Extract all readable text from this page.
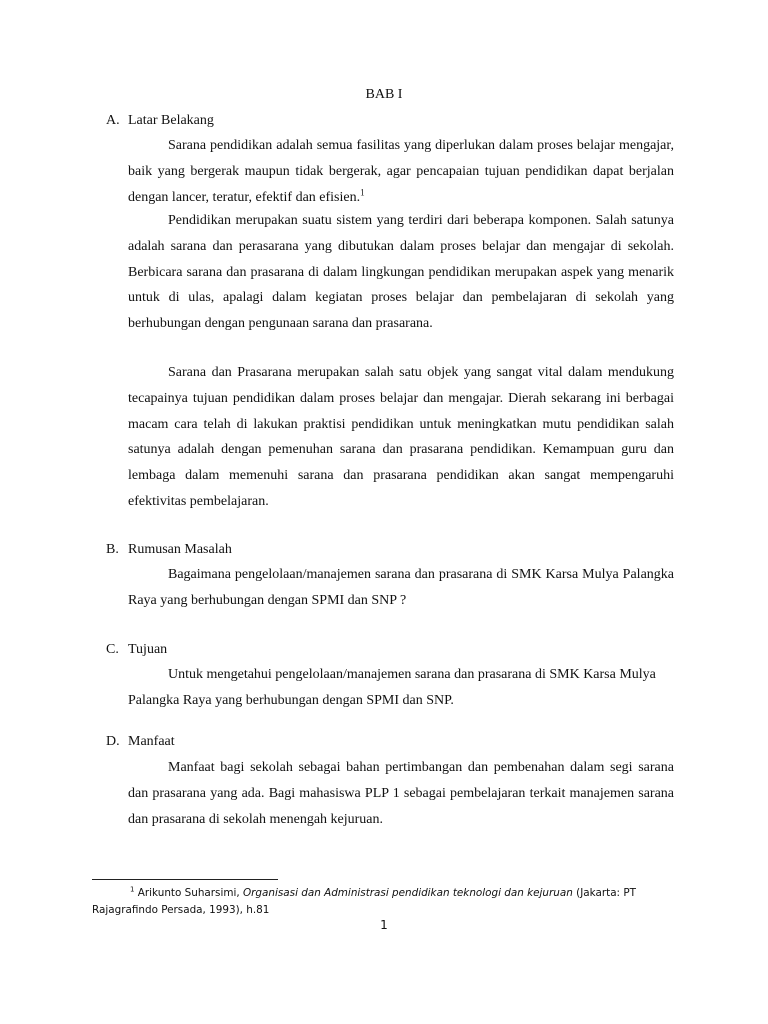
BAB I
A. Latar Belakang

Sarana pendidikan adalah semua fasilitas yang diperlukan dalam proses belajar mengajar, baik yang bergerak maupun tidak bergerak, agar pencapaian tujuan pendidikan dapat berjalan dengan lancer, teratur, efektif dan efisien.$^1$

Pendidikan merupakan suatu sistem yang terdiri dari beberapa komponen. Salah satunya adalah sarana dan perasarana yang dibutukan dalam proses belajar dan mengajar di sekolah. Berbicara sarana dan prasarana di dalam lingkungan pendidikan merupakan aspek yang menarik untuk di ulas, apalagi dalam kegiatan proses belajar dan pembelajaran di sekolah yang berhubungan dengan pengunaan sarana dan prasarana.

Sarana dan Prasarana merupakan salah satu objek yang sangat vital dalam mendukung tecapainya tujuan pendidikan dalam proses belajar dan mengajar. Dierah sekarang ini berbagai macam cara telah di lakukan praktisi pendidikan untuk meningkatkan mutu pendidikan salah satunya adalah dengan pemenuhan sarana dan prasarana pendidikan. Kemampuan guru dan lembaga dalam memenuhi sarana dan prasarana pendidikan akan sangat mempengaruhi efektivitas pembelajaran.

B. Rumusan Masalah

Bagaimana pengelolaan/manajemen sarana dan prasarana di SMK Karsa Mulya Palangka Raya yang berhubungan dengan SPMI dan SNP ?

C. Tujuan

Untuk mengetahui pengelolaan/manajemen sarana dan prasarana di SMK Karsa Mulya Palangka Raya yang berhubungan dengan SPMI dan SNP.

D. Manfaat

Manfaat bagi sekolah sebagai bahan pertimbangan dan pembenahan dalam segi sarana dan prasarana yang ada. Bagi mahasiswa PLP 1 sebagai pembelajaran terkait manajemen sarana dan prasarana di sekolah menengah kejuruan.

$^1$ Arikunto Suharsimi, Organisasi dan Administrasi pendidikan teknologi dan kejuruan (Jakarta: PT Rajagrafindo Persada, 1993), h.81

1
